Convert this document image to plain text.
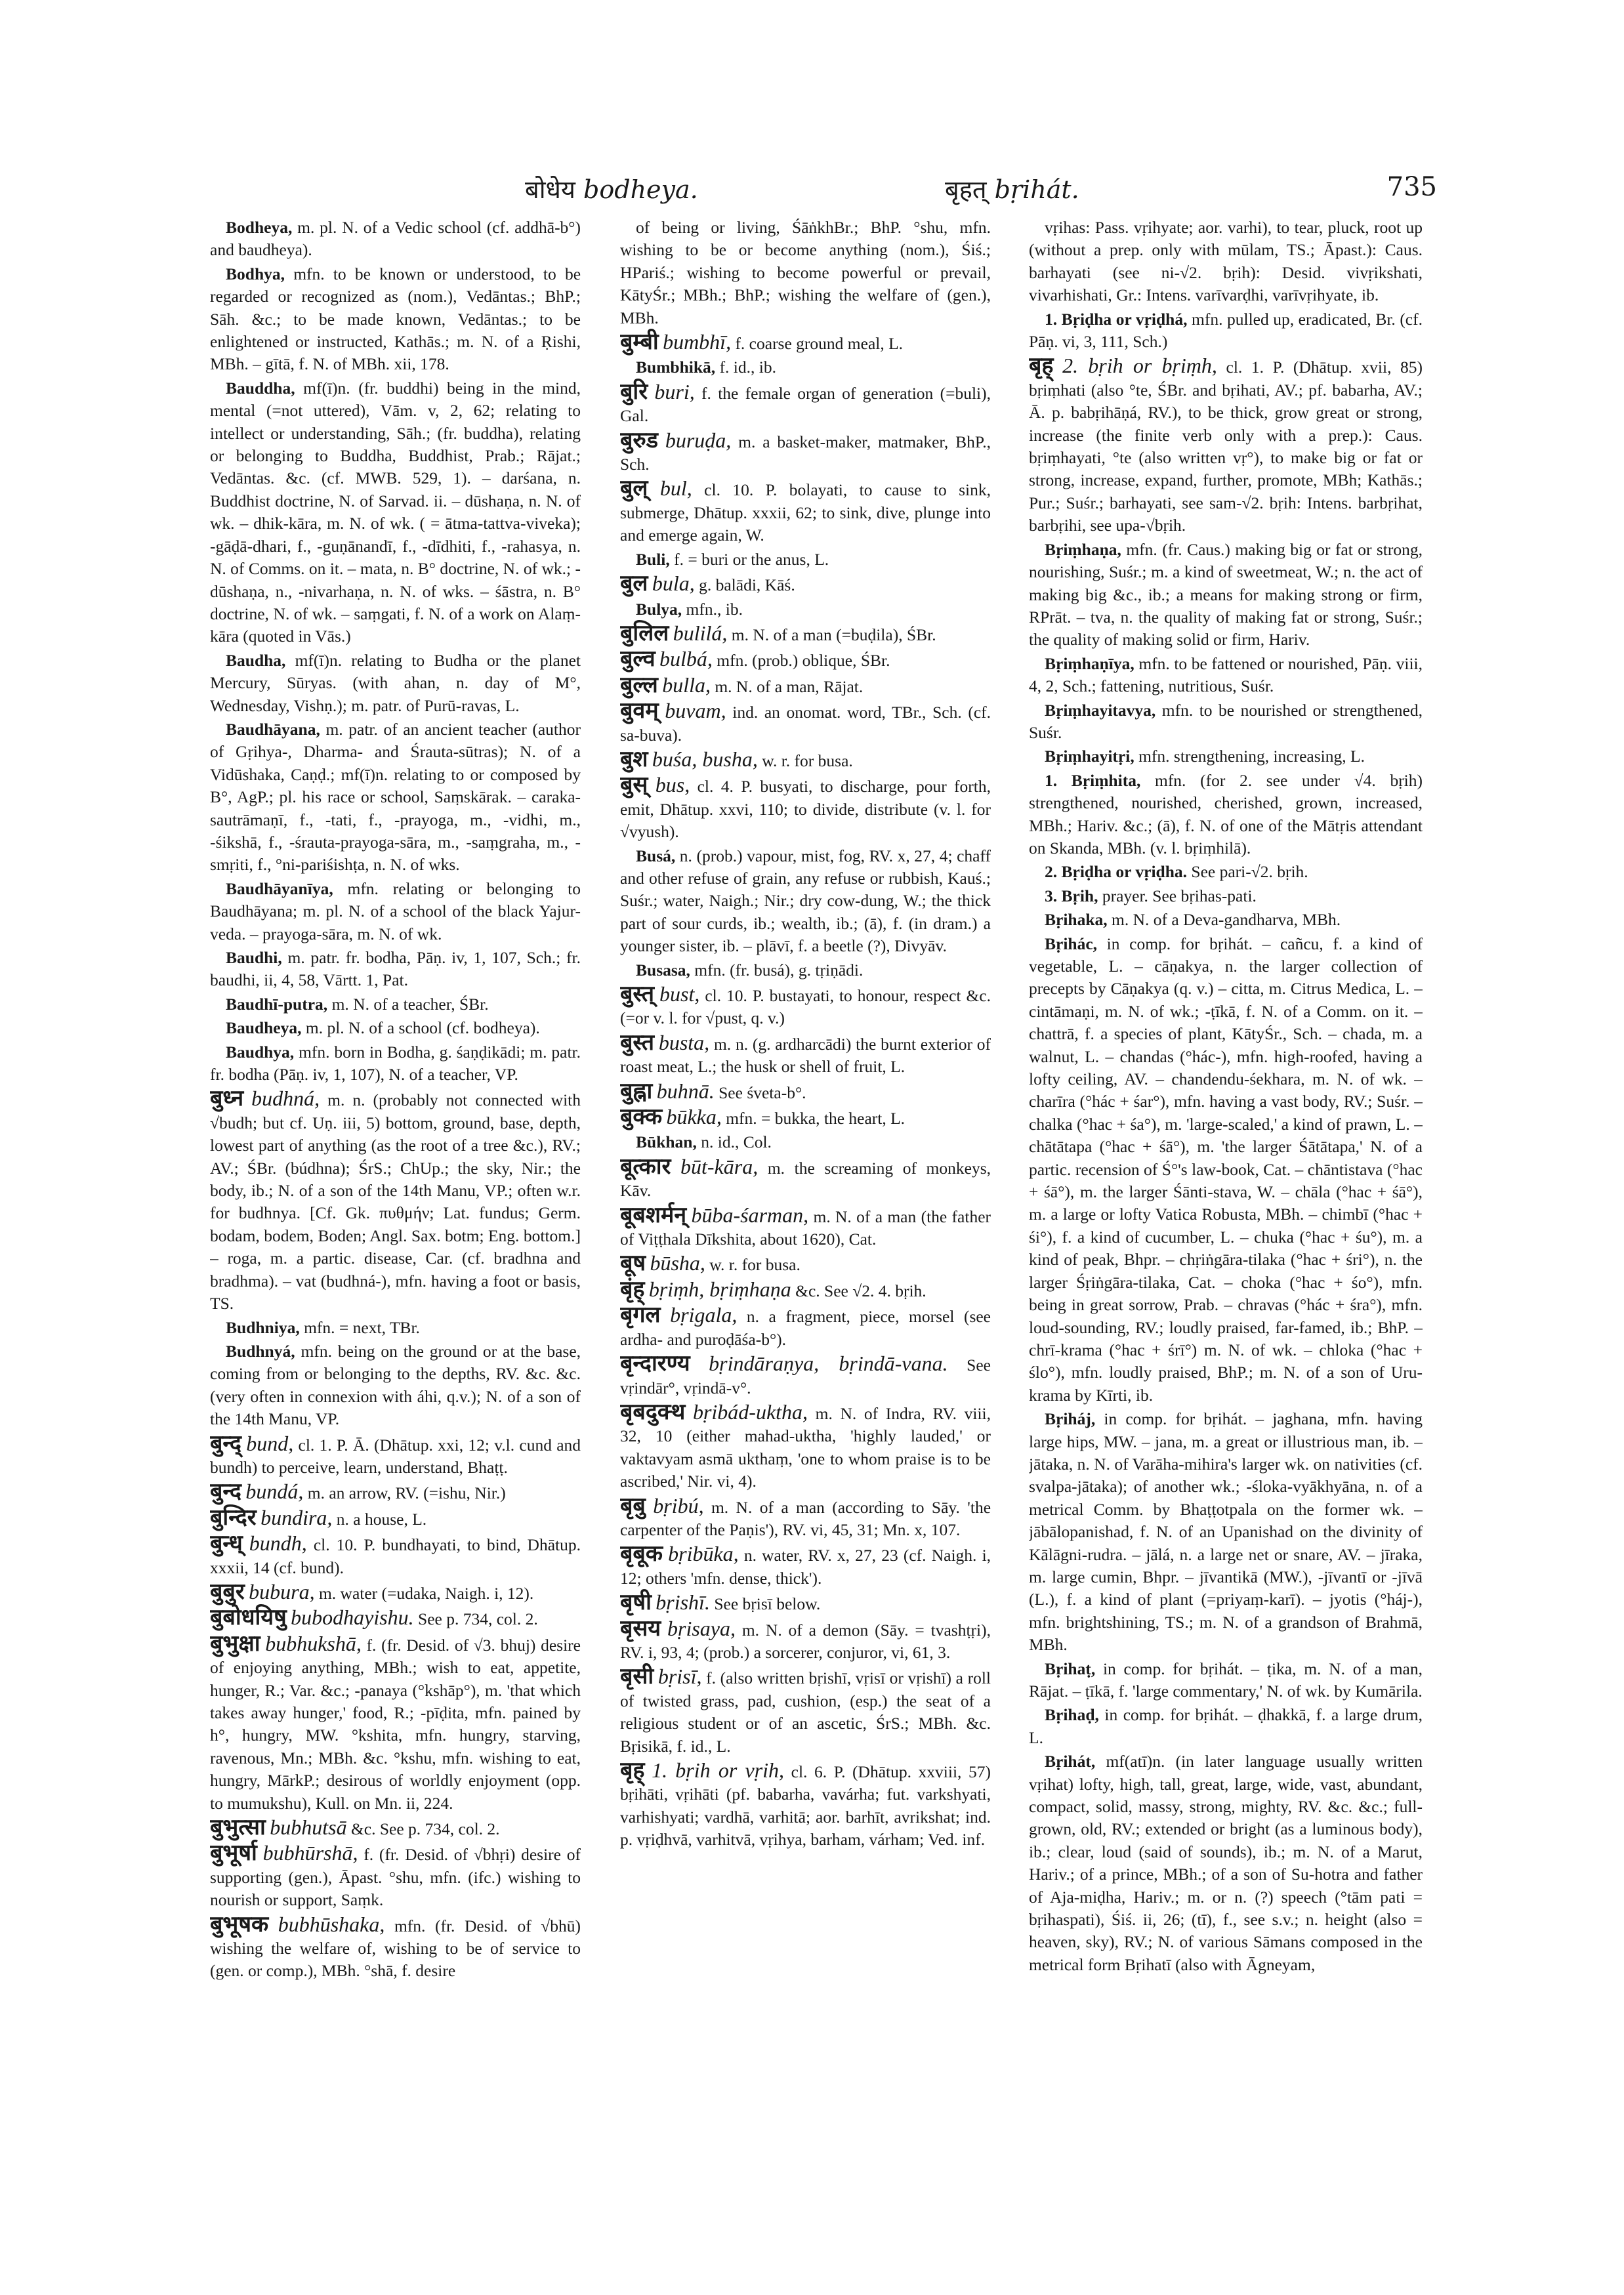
बोधेय bodheya.	बृहत् bṛihát.	735

Bodheya, m. pl. N. of a Vedic school (cf. addhā-b°) and baudheya).

Bodhya, mfn. to be known or understood, to be regarded or recognized as (nom.), Vedāntas.; BhP.; Sāh. &c.; to be made known, Vedāntas.; to be enlightened or instructed, Kathās.; m. N. of a Ṛishi, MBh. – gītā, f. N. of MBh. xii, 178.

Bauddha, mf(ī)n. (fr. buddhi) being in the mind, mental (=not uttered), Vām. v, 2, 62; relating to intellect or understanding, Sāh.; (fr. buddha), relating or belonging to Buddha, Buddhist, Prab.; Rājat.; Vedāntas. &c. (cf. MWB. 529, 1). – darśana, n. Buddhist doctrine, N. of Sarvad. ii. – dūshaṇa, n. N. of wk. – dhik-kāra, m. N. of wk. ( = ātma-tattva-viveka); -gāḍā-dhari, f., -guṇānandī, f., -dīdhiti, f., -rahasya, n. N. of Comms. on it. – mata, n. B° doctrine, N. of wk.; -dūshaṇa, n., -nivarhaṇa, n. N. of wks. – śāstra, n. B° doctrine, N. of wk. – saṃgati, f. N. of a work on Alaṃ-kāra (quoted in Vās.)

Baudha, mf(ī)n. relating to Budha or the planet Mercury, Sūryas. (with ahan, n. day of M°, Wednesday, Vishṇ.); m. patr. of Purū-ravas, L.

Baudhāyana, m. patr. of an ancient teacher (author of Gṛihya-, Dharma- and Śrauta-sūtras); N. of a Vidūshaka, Caṇḍ.; mf(ī)n. relating to or composed by B°, AgP.; pl. his race or school, Saṃskārak. – caraka-sautrāmaṇī, f., -tati, f., -prayoga, m., -vidhi, m., -śikshā, f., -śrauta-prayoga-sāra, m., -saṃgraha, m., -smṛiti, f., °ni-pariśishṭa, n. N. of wks.

Baudhāyanīya, mfn. relating or belonging to Baudhāyana; m. pl. N. of a school of the black Yajur-veda. – prayoga-sāra, m. N. of wk.

Baudhi, m. patr. fr. bodha, Pāṇ. iv, 1, 107, Sch.; fr. baudhi, ii, 4, 58, Vārtt. 1, Pat.

Baudhī-putra, m. N. of a teacher, ŚBr.

Baudheya, m. pl. N. of a school (cf. bodheya).

Baudhya, mfn. born in Bodha, g. śaṇḍikādi; m. patr. fr. bodha (Pāṇ. iv, 1, 107), N. of a teacher, VP.

बुध्न budhná, m. n. (probably not connected with √budh; but cf. Uṇ. iii, 5) bottom, ground, base, depth, lowest part of anything (as the root of a tree &c.), RV.; AV.; ŚBr. (búdhna); ŚrS.; ChUp.; the sky, Nir.; the body, ib.; N. of a son of the 14th Manu, VP.; often w.r. for budhnya. [Cf. Gk. πυθμήν; Lat. fundus; Germ. bodam, bodem, Boden; Angl. Sax. botm; Eng. bottom.] – roga, m. a partic. disease, Car. (cf. bradhna and bradhma). – vat (budhná-), mfn. having a foot or basis, TS.

Budhniya, mfn. = next, TBr.

Budhnyá, mfn. being on the ground or at the base, coming from or belonging to the depths, RV. &c. &c. (very often in connexion with áhi, q.v.); N. of a son of the 14th Manu, VP.

बुन्द् bund, cl. 1. P. Ā. (Dhātup. xxi, 12; v.l. cund and bundh) to perceive, learn, understand, Bhaṭṭ.

बुन्द bundá, m. an arrow, RV. (=ishu, Nir.)

बुन्दिर bundira, n. a house, L.

बुन्ध् bundh, cl. 10. P. bundhayati, to bind, Dhātup. xxxii, 14 (cf. bund).

बुबुर bubura, m. water (=udaka, Naigh. i, 12).

बुबोधयिषु bubodhayishu. See p. 734, col. 2.

बुभुक्षा bubhukshā, f. (fr. Desid. of √3. bhuj) desire of enjoying anything, MBh.; wish to eat, appetite, hunger, R.; Var. &c.; -panaya (°kshāp°), m. 'that which takes away hunger,' food, R.; -pīḍita, mfn. pained by h°, hungry, MW. °kshita, mfn. hungry, starving, ravenous, Mn.; MBh. &c. °kshu, mfn. wishing to eat, hungry, MārkP.; desirous of worldly enjoyment (opp. to mumukshu), Kull. on Mn. ii, 224.

बुभुत्सा bubhutsā &c. See p. 734, col. 2.

बुभूर्षा bubhūrshā, f. (fr. Desid. of √bhṛi) desire of supporting (gen.), Āpast. °shu, mfn. (ifc.) wishing to nourish or support, Saṃk.

बुभूषक bubhūshaka, mfn. (fr. Desid. of √bhū) wishing the welfare of, wishing to be of service to (gen. or comp.), MBh. °shā, f. desire

of being or living, ŚāṅkhBr.; BhP. °shu, mfn. wishing to be or become anything (nom.), Śiś.; HPariś.; wishing to become powerful or prevail, KātyŚr.; MBh.; BhP.; wishing the welfare of (gen.), MBh.

बुम्बी bumbhī, f. coarse ground meal, L.

Bumbhikā, f. id., ib.

बुरि buri, f. the female organ of generation (=buli), Gal.

बुरुड buruḍa, m. a basket-maker, matmaker, BhP., Sch.

बुल् bul, cl. 10. P. bolayati, to cause to sink, submerge, Dhātup. xxxii, 62; to sink, dive, plunge into and emerge again, W.

Buli, f. = buri or the anus, L.

बुल bula, g. balādi, Kāś.

Bulya, mfn., ib.

बुलिल bulilá, m. N. of a man (=buḍila), ŚBr.

बुल्व bulbá, mfn. (prob.) oblique, ŚBr.

बुल्ल bulla, m. N. of a man, Rājat.

बुवम् buvam, ind. an onomat. word, TBr., Sch. (cf. sa-buva).

बुश buśa, busha, w. r. for busa.

बुस् bus, cl. 4. P. busyati, to discharge, pour forth, emit, Dhātup. xxvi, 110; to divide, distribute (v. l. for √vyush).

Busá, n. (prob.) vapour, mist, fog, RV. x, 27, 4; chaff and other refuse of grain, any refuse or rubbish, Kauś.; Suśr.; water, Naigh.; Nir.; dry cow-dung, W.; the thick part of sour curds, ib.; wealth, ib.; (ā), f. (in dram.) a younger sister, ib. – plāvī, f. a beetle (?), Divyāv.

Busasa, mfn. (fr. busá), g. tṛiṇādi.

बुस्त् bust, cl. 10. P. bustayati, to honour, respect &c. (=or v. l. for √pust, q. v.)

बुस्त busta, m. n. (g. ardharcādi) the burnt exterior of roast meat, L.; the husk or shell of fruit, L.

बुह्ना buhnā. See śveta-b°.

बुक्क būkka, mfn. = bukka, the heart, L.

Būkhan, n. id., Col.

बूत्कार būt-kāra, m. the screaming of monkeys, Kāv.

बूबशर्मन् būba-śarman, m. N. of a man (the father of Viṭṭhala Dīkshita, about 1620), Cat.

बूष būsha, w. r. for busa.

बृंह् bṛiṃh, bṛiṃhaṇa &c. See √2. 4. bṛih.

बृगल bṛigala, n. a fragment, piece, morsel (see ardha- and puroḍāśa-b°).

बृन्दारण्य bṛindāraṇya, bṛindā-vana. See vṛindār°, vṛindā-v°.

बृबदुक्थ bṛibád-uktha, m. N. of Indra, RV. viii, 32, 10 (either mahad-uktha, 'highly lauded,' or vaktavyam asmā ukthaṃ, 'one to whom praise is to be ascribed,' Nir. vi, 4).

बृबु bṛibú, m. N. of a man (according to Sāy. 'the carpenter of the Paṇis'), RV. vi, 45, 31; Mn. x, 107.

बृबूक bṛibūka, n. water, RV. x, 27, 23 (cf. Naigh. i, 12; others 'mfn. dense, thick').

बृषी bṛishī. See bṛisī below.

बृसय bṛisaya, m. N. of a demon (Sāy. = tvashṭṛi), RV. i, 93, 4; (prob.) a sorcerer, conjuror, vi, 61, 3.

बृसी bṛisī, f. (also written bṛishī, vṛisī or vṛishī) a roll of twisted grass, pad, cushion, (esp.) the seat of a religious student or of an ascetic, ŚrS.; MBh. &c. Bṛisikā, f. id., L.

बृह् 1. bṛih or vṛih, cl. 6. P. (Dhātup. xxviii, 57) bṛihāti, vṛihāti (pf. babarha, vavárha; fut. varkshyati, varhishyati; vardhā, varhitā; aor. barhīt, avrikshat; ind. p. vṛiḍhvā, varhitvā, vṛihya, barham, várham; Ved. inf.

vṛihas: Pass. vṛihyate; aor. varhi), to tear, pluck, root up (without a prep. only with mūlam, TS.; Āpast.): Caus. barhayati (see ni-√2. bṛih): Desid. vivṛikshati, vivarhishati, Gr.: Intens. varīvarḍhi, varīvṛihyate, ib.

1. Bṛiḍha or vṛiḍhá, mfn. pulled up, eradicated, Br. (cf. Pāṇ. vi, 3, 111, Sch.)

बृह् 2. bṛih or bṛiṃh, cl. 1. P. (Dhātup. xvii, 85) bṛiṃhati (also °te, ŚBr. and bṛihati, AV.; pf. babarha, AV.; Ā. p. babṛihāṇá, RV.), to be thick, grow great or strong, increase (the finite verb only with a prep.): Caus. bṛiṃhayati, °te (also written vṛ°), to make big or fat or strong, increase, expand, further, promote, MBh; Kathās.; Pur.; Suśr.; barhayati, see sam-√2. bṛih: Intens. barbṛihat, barbṛihi, see upa-√bṛih.

Bṛiṃhaṇa, mfn. (fr. Caus.) making big or fat or strong, nourishing, Suśr.; m. a kind of sweetmeat, W.; n. the act of making big &c., ib.; a means for making strong or firm, RPrāt. – tva, n. the quality of making fat or strong, Suśr.; the quality of making solid or firm, Hariv.

Bṛiṃhaṇīya, mfn. to be fattened or nourished, Pāṇ. viii, 4, 2, Sch.; fattening, nutritious, Suśr.

Bṛiṃhayitavya, mfn. to be nourished or strengthened, Suśr.

Bṛiṃhayitṛi, mfn. strengthening, increasing, L.

1. Bṛiṃhita, mfn. (for 2. see under √4. bṛih) strengthened, nourished, cherished, grown, increased, MBh.; Hariv. &c.; (ā), f. N. of one of the Mātṛis attendant on Skanda, MBh. (v. l. bṛiṃhilā).

2. Bṛiḍha or vṛiḍha. See pari-√2. bṛih.

3. Bṛih, prayer. See bṛihas-pati.

Bṛihaka, m. N. of a Deva-gandharva, MBh.

Bṛihác, in comp. for bṛihát. – cañcu, f. a kind of vegetable, L. – cāṇakya, n. the larger collection of precepts by Cāṇakya (q. v.) – citta, m. Citrus Medica, L. – cintāmaṇi, m. N. of wk.; -ṭīkā, f. N. of a Comm. on it. – chattrā, f. a species of plant, KātyŚr., Sch. – chada, m. a walnut, L. – chandas (°hác-), mfn. high-roofed, having a lofty ceiling, AV. – chandendu-śekhara, m. N. of wk. – charīra (°hác + śar°), mfn. having a vast body, RV.; Suśr. – chalka (°hac + śa°), m. 'large-scaled,' a kind of prawn, L. – chātātapa (°hac + śā°), m. 'the larger Śātātapa,' N. of a partic. recension of Ś°'s law-book, Cat. – chāntistava (°hac + śā°), m. the larger Śānti-stava, W. – chāla (°hac + śā°), m. a large or lofty Vatica Robusta, MBh. – chimbī (°hac + śi°), f. a kind of cucumber, L. – chuka (°hac + śu°), m. a kind of peak, Bhpr. – chṛiṅgāra-tilaka (°hac + śri°), n. the larger Śṛiṅgāra-tilaka, Cat. – choka (°hac + śo°), mfn. being in great sorrow, Prab. – chravas (°hác + śra°), mfn. loud-sounding, RV.; loudly praised, far-famed, ib.; BhP. – chrī-krama (°hac + śrī°) m. N. of wk. – chloka (°hac + ślo°), mfn. loudly praised, BhP.; m. N. of a son of Uru-krama by Kīrti, ib.

Bṛiháj, in comp. for bṛihát. – jaghana, mfn. having large hips, MW. – jana, m. a great or illustrious man, ib. – jātaka, n. N. of Varāha-mihira's larger wk. on nativities (cf. svalpa-jātaka); of another wk.; -śloka-vyākhyāna, n. of a metrical Comm. by Bhaṭṭotpala on the former wk. – jābālopanishad, f. N. of an Upanishad on the divinity of Kālāgni-rudra. – jālá, n. a large net or snare, AV. – jīraka, m. large cumin, Bhpr. – jīvantikā (MW.), -jīvantī or -jīvā (L.), f. a kind of plant (=priyaṃ-karī). – jyotis (°háj-), mfn. brightshining, TS.; m. N. of a grandson of Brahmā, MBh.

Bṛihaṭ, in comp. for bṛihát. – ṭika, m. N. of a man, Rājat. – ṭīkā, f. 'large commentary,' N. of wk. by Kumārila.

Bṛihaḍ, in comp. for bṛihát. – ḍhakkā, f. a large drum, L.

Bṛihát, mf(atī)n. (in later language usually written vṛihat) lofty, high, tall, great, large, wide, vast, abundant, compact, solid, massy, strong, mighty, RV. &c. &c.; full-grown, old, RV.; extended or bright (as a luminous body), ib.; clear, loud (said of sounds), ib.; m. N. of a Marut, Hariv.; of a prince, MBh.; of a son of Su-hotra and father of Aja-miḍha, Hariv.; m. or n. (?) speech (°tām pati = bṛihaspati), Śiś. ii, 26; (tī), f., see s.v.; n. height (also = heaven, sky), RV.; N. of various Sāmans composed in the metrical form Bṛihatī (also with Āgneyam,
